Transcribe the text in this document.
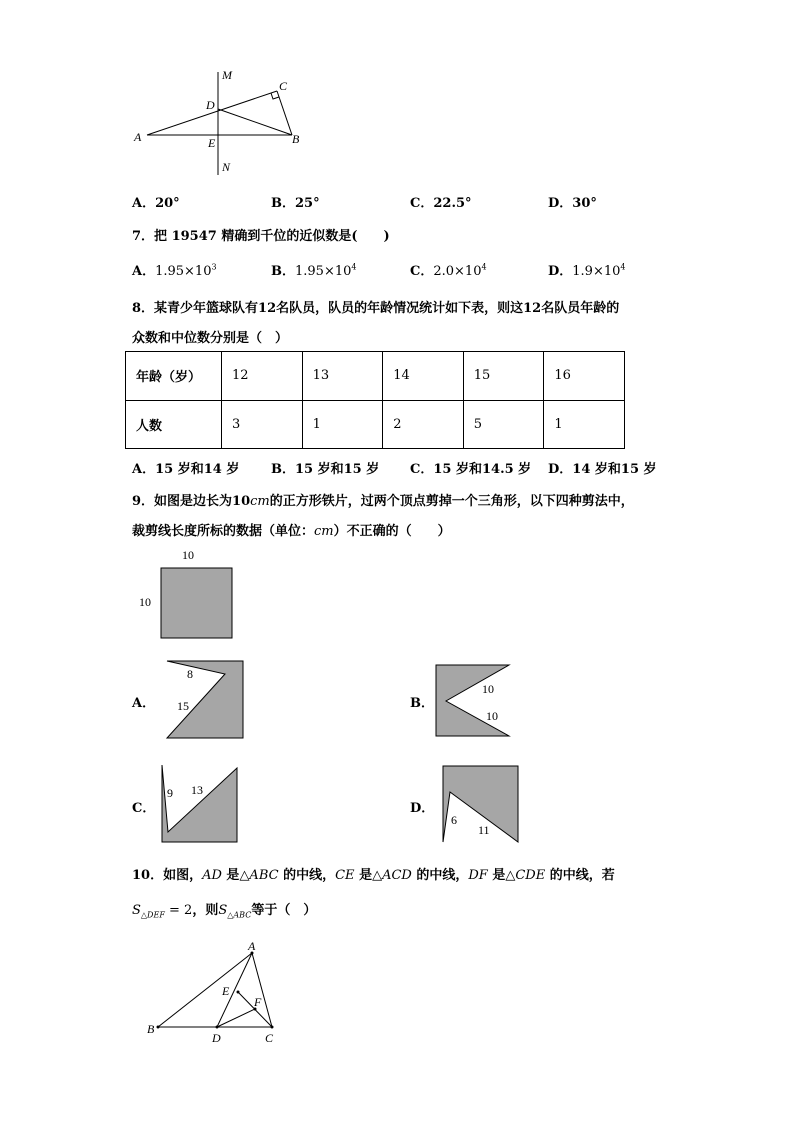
M
C
D
A	E	B
N
A．20°	B．25°	C．22.5°	D．30°
7．把 19547 精确到千位的近似数是(　　)
A．$1.95\times 10^3$	B．$1.95\times 10^4$	C．$2.0\times 10^4$	D．$1.9\times 10^4$
8．某青少年篮球队有12名队员，队员的年龄情况统计如下表，则这12名队员年龄的
众数和中位数分别是（　）
年龄（岁）	12	13	14	15	16
人数	3	1	2	5	1
A．15 岁和14 岁 B．15 岁和15 岁 C．15 岁和14.5 岁 D．14 岁和15 岁
9．如图是边长为10cm的正方形铁片，过两个顶点剪掉一个三角形，以下四种剪法中，
裁剪线长度所标的数据（单位：cm）不正确的（　　）
10
10
A．
8
15	B．
10
10
C．
9 13
D．
6
11
10．如图，AD 是△ABC 的中线，CE 是△ACD 的中线，DF 是△CDE 的中线，若
$S_{\triangle DEF} = 2$，则$S_{\triangle ABC}$等于（　）
A
E
F
B
D	C
